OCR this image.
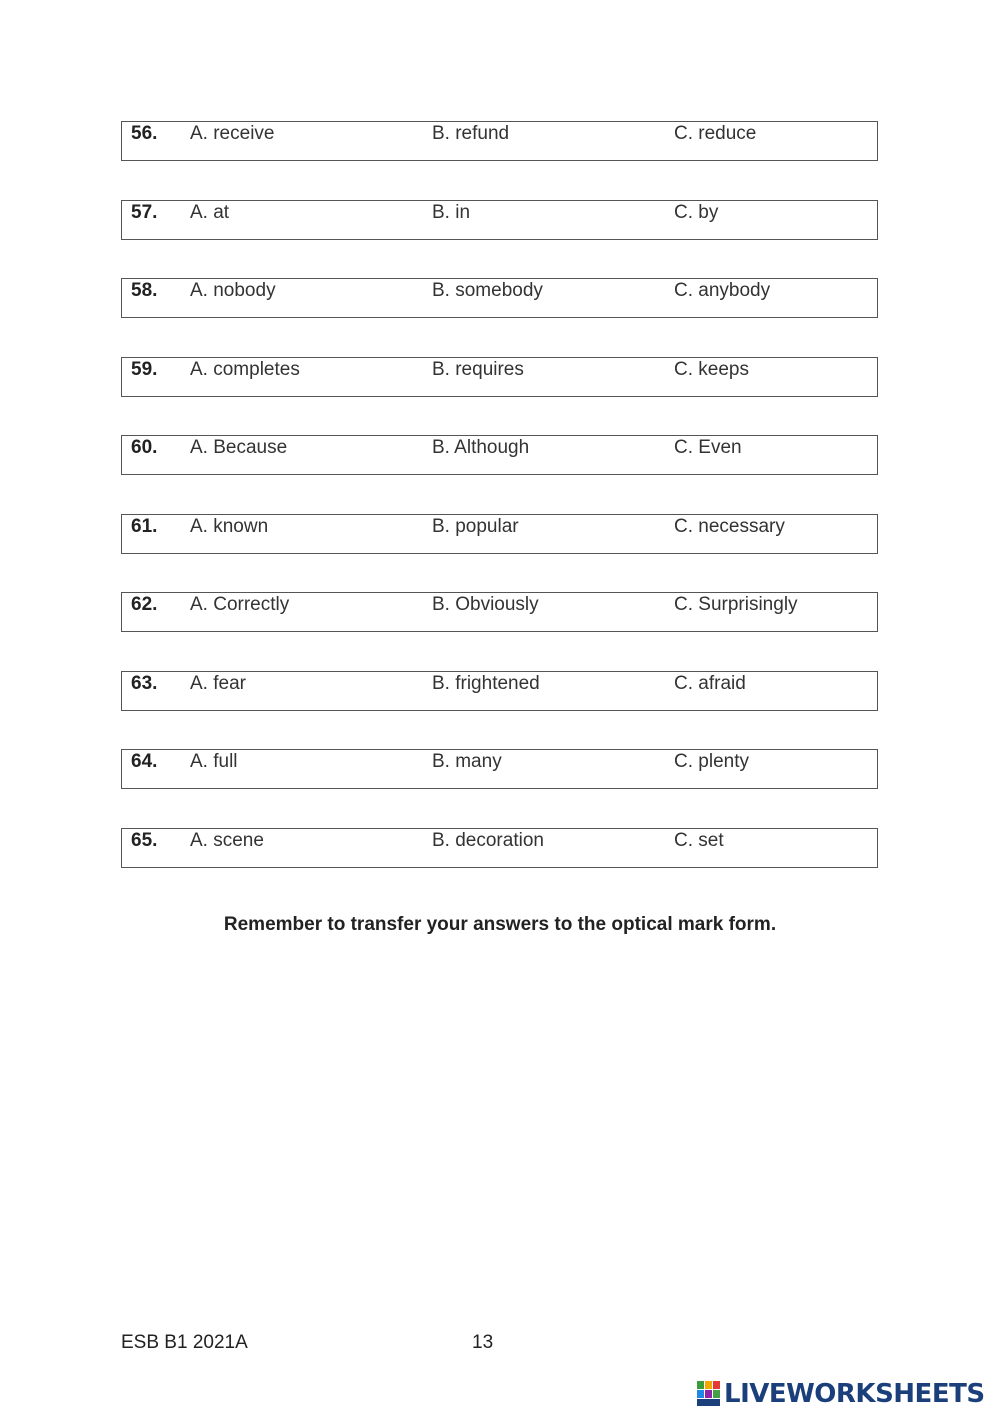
56. A. receive	B. refund	C. reduce
57. A. at	B. in	C. by
58. A. nobody	B. somebody	C. anybody
59. A. completes	B. requires	C. keeps
60. A. Because	B. Although	C. Even
61. A. known	B. popular	C. necessary
62. A. Correctly	B. Obviously	C. Surprisingly
63. A. fear	B. frightened	C. afraid
64. A. full	B. many	C. plenty
65. A. scene	B. decoration	C. set
Remember to transfer your answers to the optical mark form.
ESB B1 2021A	13
LIVEWORKSHEETS
